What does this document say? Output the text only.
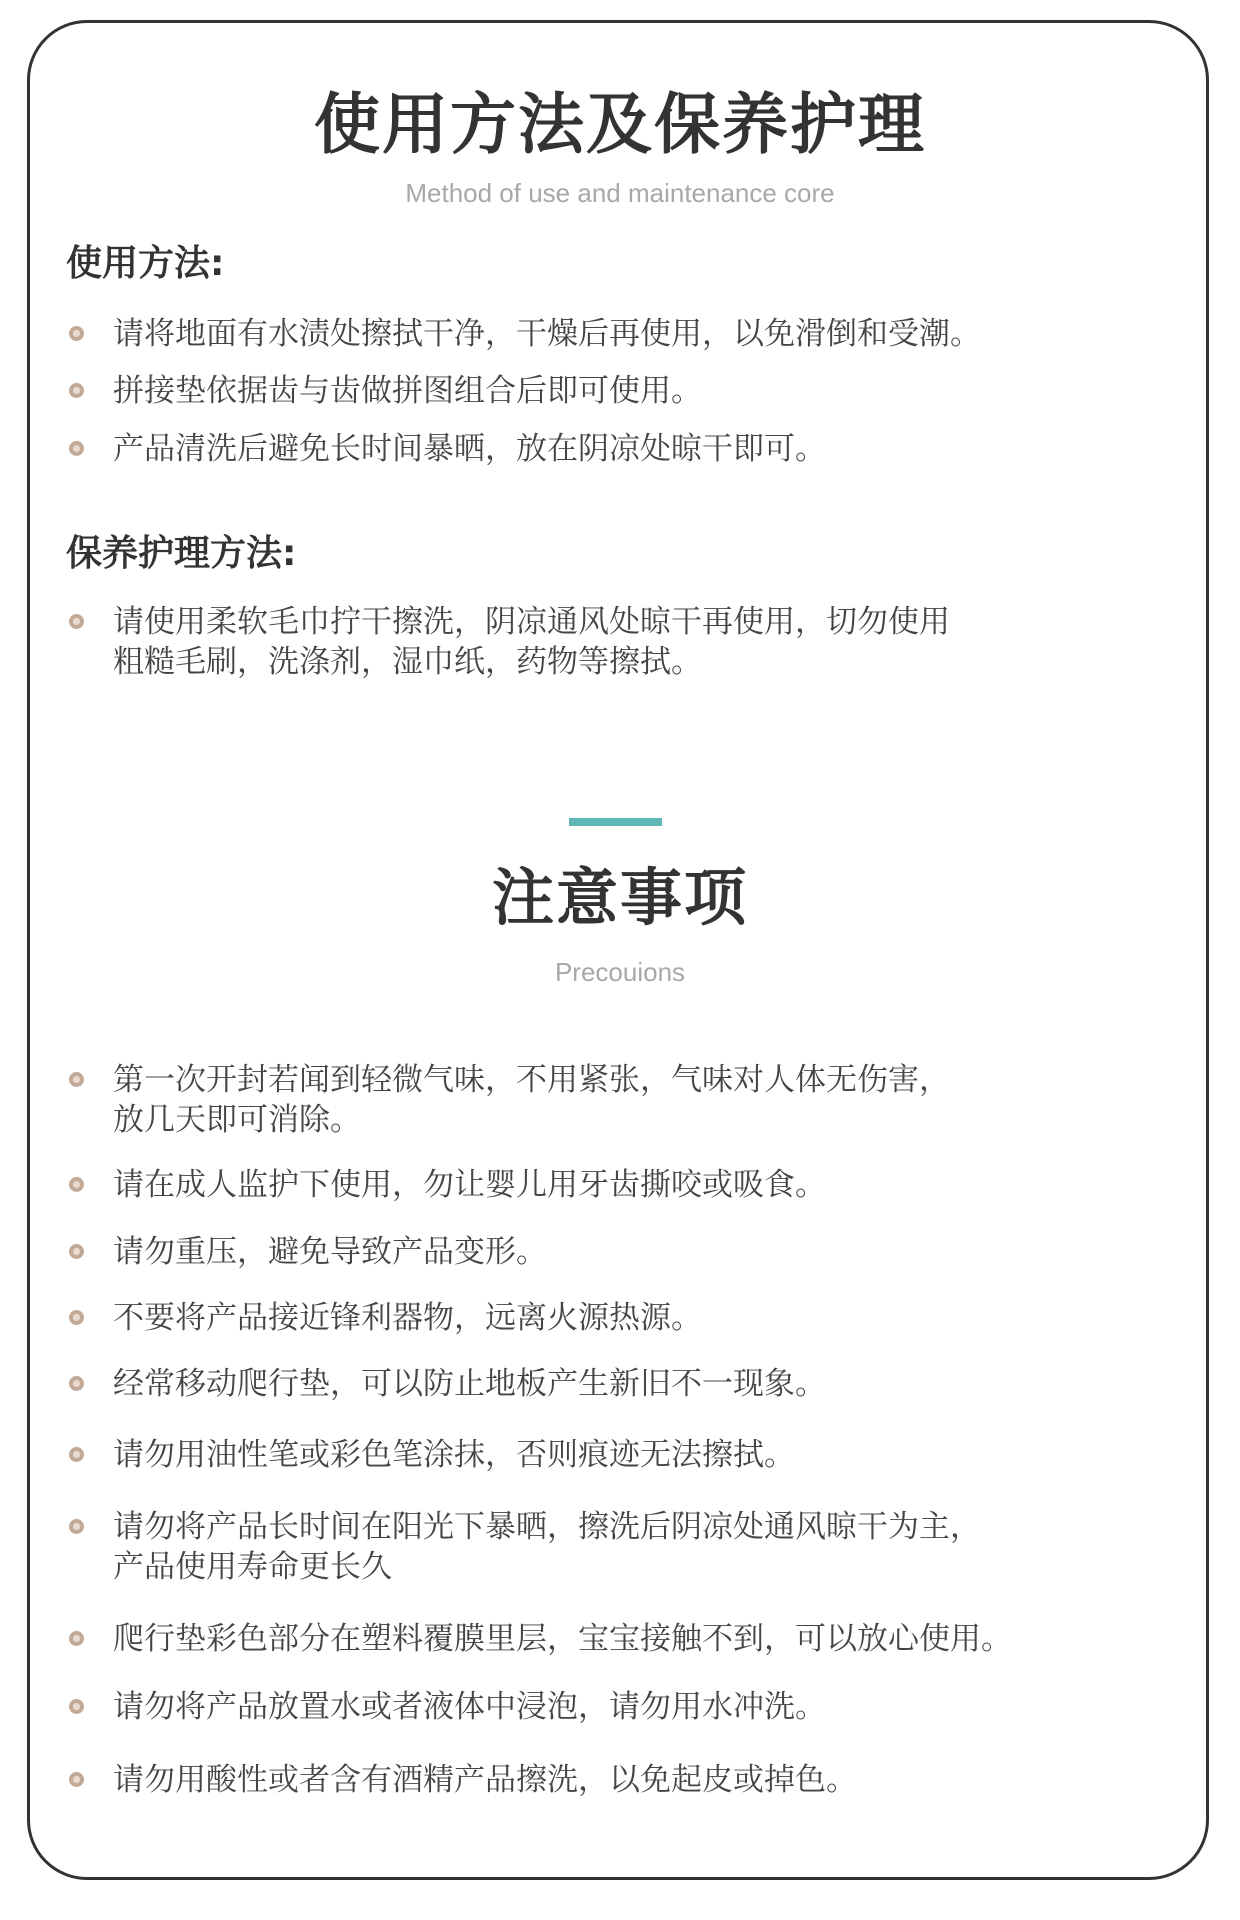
使用方法及保养护理
Method of use and maintenance core
使用方法:
请将地面有水渍处擦拭干净，干燥后再使用，以免滑倒和受潮。
拼接垫依据齿与齿做拼图组合后即可使用。
产品清洗后避免长时间暴晒，放在阴凉处晾干即可。
保养护理方法:
请使用柔软毛巾拧干擦洗，阴凉通风处晾干再使用，切勿使用
粗糙毛刷，洗涤剂，湿巾纸，药物等擦拭。
注意事项
Precouions
第一次开封若闻到轻微气味，不用紧张，气味对人体无伤害，
放几天即可消除。
请在成人监护下使用，勿让婴儿用牙齿撕咬或吸食。
请勿重压，避免导致产品变形。
不要将产品接近锋利器物，远离火源热源。
经常移动爬行垫，可以防止地板产生新旧不一现象。
请勿用油性笔或彩色笔涂抹，否则痕迹无法擦拭。
请勿将产品长时间在阳光下暴晒，擦洗后阴凉处通风晾干为主，
产品使用寿命更长久
爬行垫彩色部分在塑料覆膜里层，宝宝接触不到，可以放心使用。
请勿将产品放置水或者液体中浸泡，请勿用水冲洗。
请勿用酸性或者含有酒精产品擦洗，以免起皮或掉色。
